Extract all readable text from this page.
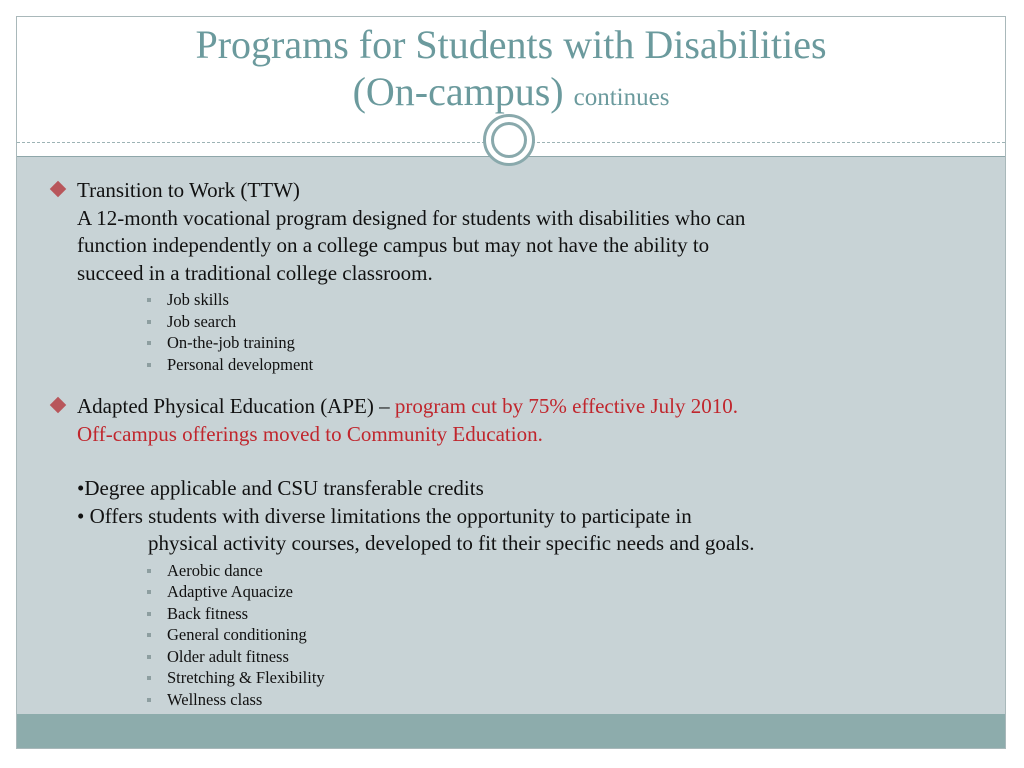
Programs for Students with Disabilities
(On-campus) continues
Transition to Work (TTW)
A 12-month vocational program designed for students with disabilities who can
function independently on a college campus but may not have the ability to
succeed in a traditional college classroom.
Job skills
Job search
On-the-job training
Personal development
Adapted Physical Education (APE) – program cut by 75% effective July 2010.
Off-campus offerings moved to Community Education.
•Degree applicable and CSU transferable credits
• Offers students with diverse limitations the opportunity to participate in
physical activity courses, developed to fit their specific needs and goals.
Aerobic dance
Adaptive Aquacize
Back fitness
General conditioning
Older adult fitness
Stretching & Flexibility
Wellness class
